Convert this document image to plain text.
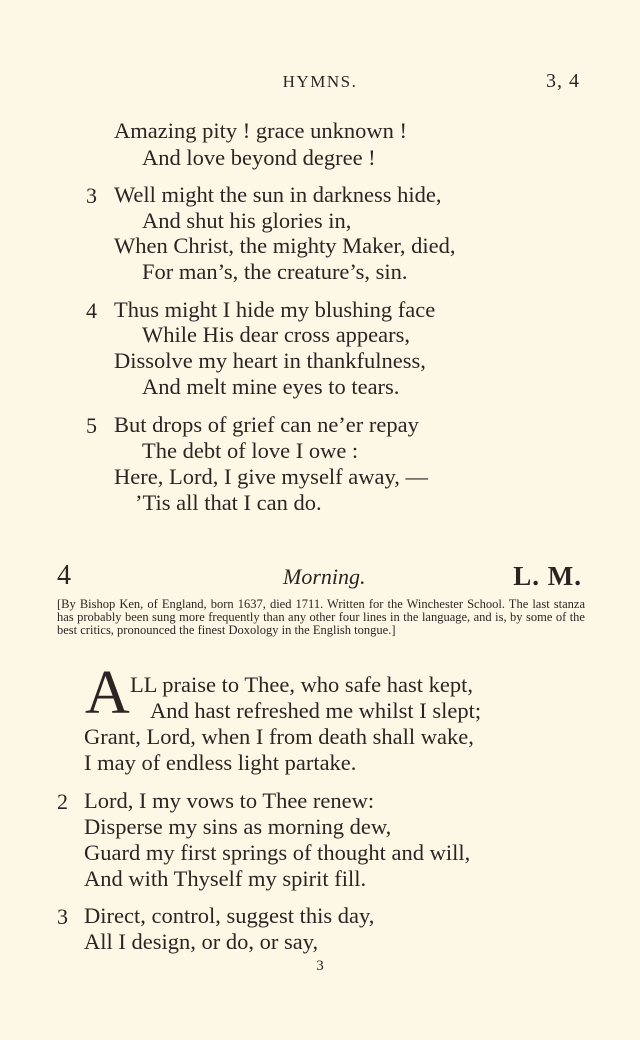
HYMNS.	3, 4
Amazing pity ! grace unknown !
And love beyond degree !
3 Well might the sun in darkness hide,
And shut his glories in,
When Christ, the mighty Maker, died,
For man’s, the creature’s, sin.
4 Thus might I hide my blushing face
While His dear cross appears,
Dissolve my heart in thankfulness,
And melt mine eyes to tears.
5 But drops of grief can ne’er repay
The debt of love I owe :
Here, Lord, I give myself away, —
’Tis all that I can do.
4	Morning.	L. M.
[By Bishop Ken, of England, born 1637, died 1711. Written for the Winchester School. The last stanza has probably been sung more frequently than any other four lines in the language, and is, by some of the best critics, pronounced the finest Doxology in the English tongue.]
A LL praise to Thee, who safe hast kept,
And hast refreshed me whilst I slept;
Grant, Lord, when I from death shall wake,
I may of endless light partake.
2 Lord, I my vows to Thee renew:
Disperse my sins as morning dew,
Guard my first springs of thought and will,
And with Thyself my spirit fill.
3 Direct, control, suggest this day,
All I design, or do, or say,
3
